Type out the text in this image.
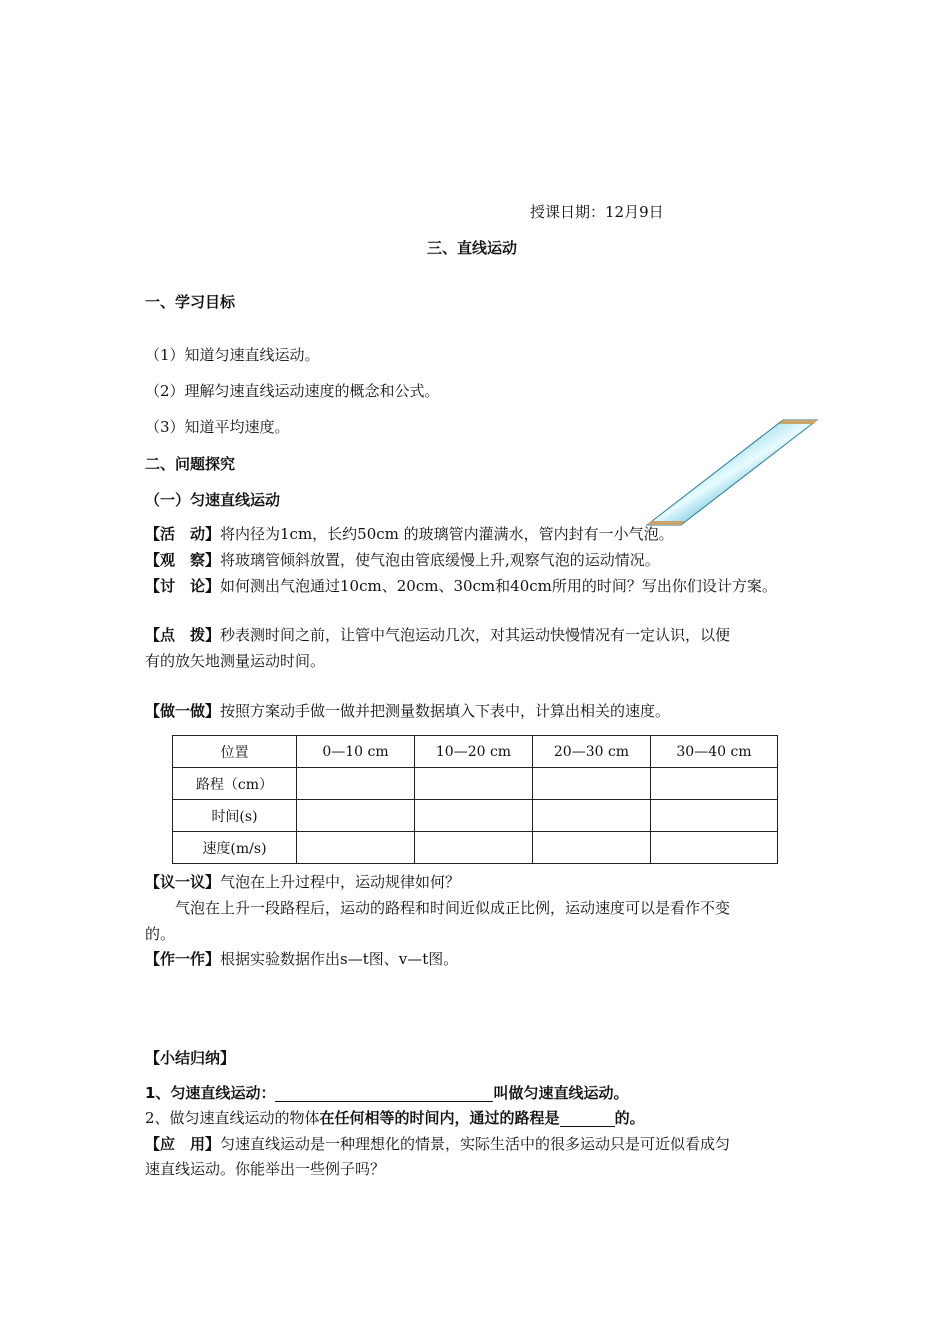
授课日期：12月9日
三、直线运动
一、学习目标
（1）知道匀速直线运动。
（2）理解匀速直线运动速度的概念和公式。
（3）知道平均速度。
二、问题探究
（一）匀速直线运动
【活　动】将内径为1cm，长约50cm 的玻璃管内灌满水，管内封有一小气泡。
【观　察】将玻璃管倾斜放置，使气泡由管底缓慢上升,观察气泡的运动情况。
【讨　论】如何测出气泡通过10cm、20cm、30cm和40cm所用的时间？写出你们设计方案。
【点　拨】秒表测时间之前，让管中气泡运动几次，对其运动快慢情况有一定认识，以便
有的放矢地测量运动时间。
【做一做】按照方案动手做一做并把测量数据填入下表中，计算出相关的速度。
位置	0—10 cm	10—20 cm	20—30 cm	30—40 cm
路程（cm）				
时间(s)				
速度(m/s)				
【议一议】气泡在上升过程中，运动规律如何？
气泡在上升一段路程后，运动的路程和时间近似成正比例，运动速度可以是看作不变
的。
【作一作】根据实验数据作出s—t图、v—t图。
【小结归纳】
1、匀速直线运动：	叫做匀速直线运动。
2、做匀速直线运动的物体在任何相等的时间内，通过的路程是	的。
【应　用】匀速直线运动是一种理想化的情景，实际生活中的很多运动只是可近似看成匀
速直线运动。你能举出一些例子吗？
